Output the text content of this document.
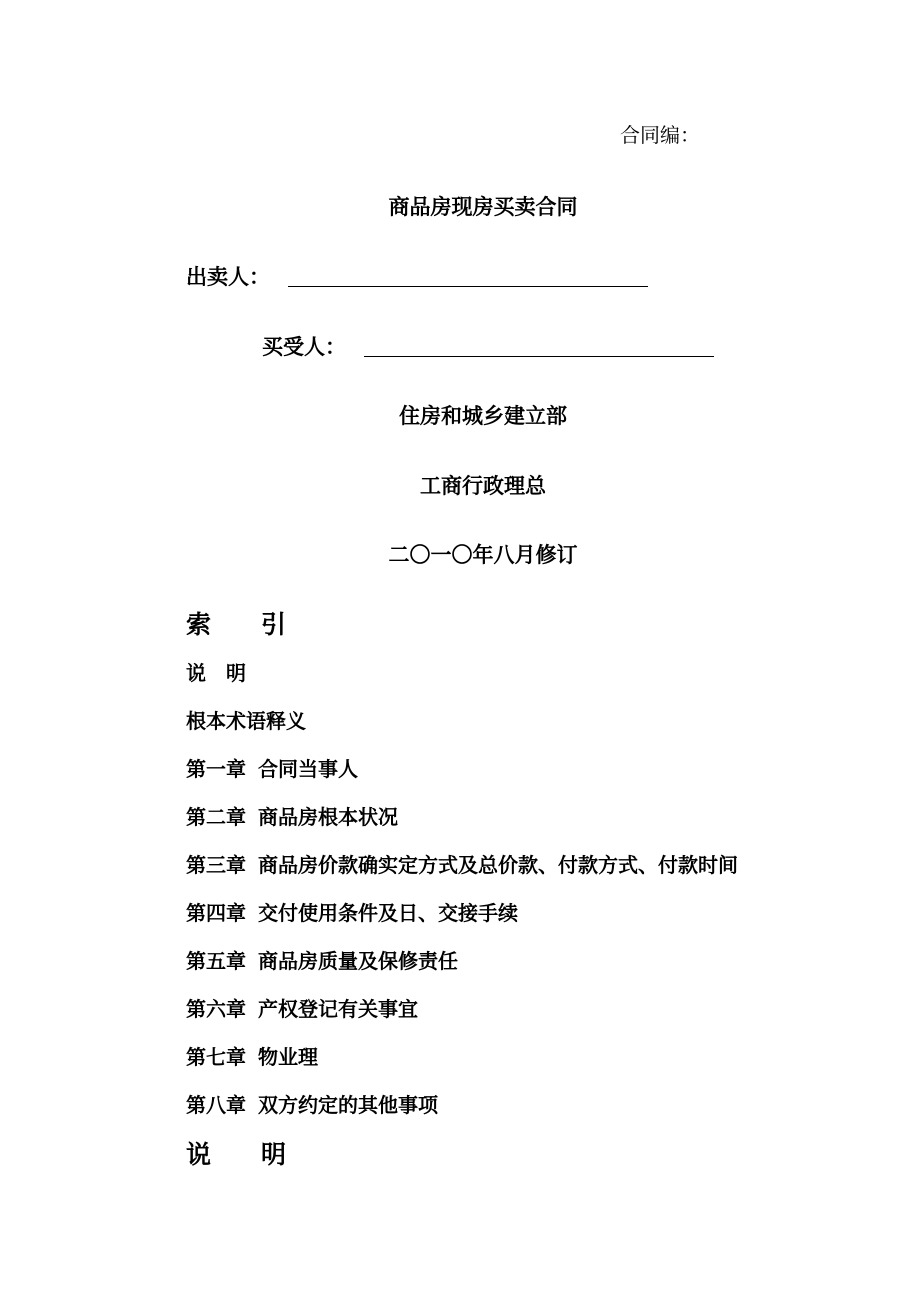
合同编：
商品房现房买卖合同
出卖人：
买受人：
住房和城乡建立部
工商行政理总
二〇一〇年八月修订
索 引
说　明
根本术语释义
第一章 合同当事人
第二章 商品房根本状况
第三章 商品房价款确实定方式及总价款、付款方式、付款时间
第四章 交付使用条件及日、交接手续
第五章 商品房质量及保修责任
第六章 产权登记有关事宜
第七章 物业理
第八章 双方约定的其他事项
说 明
